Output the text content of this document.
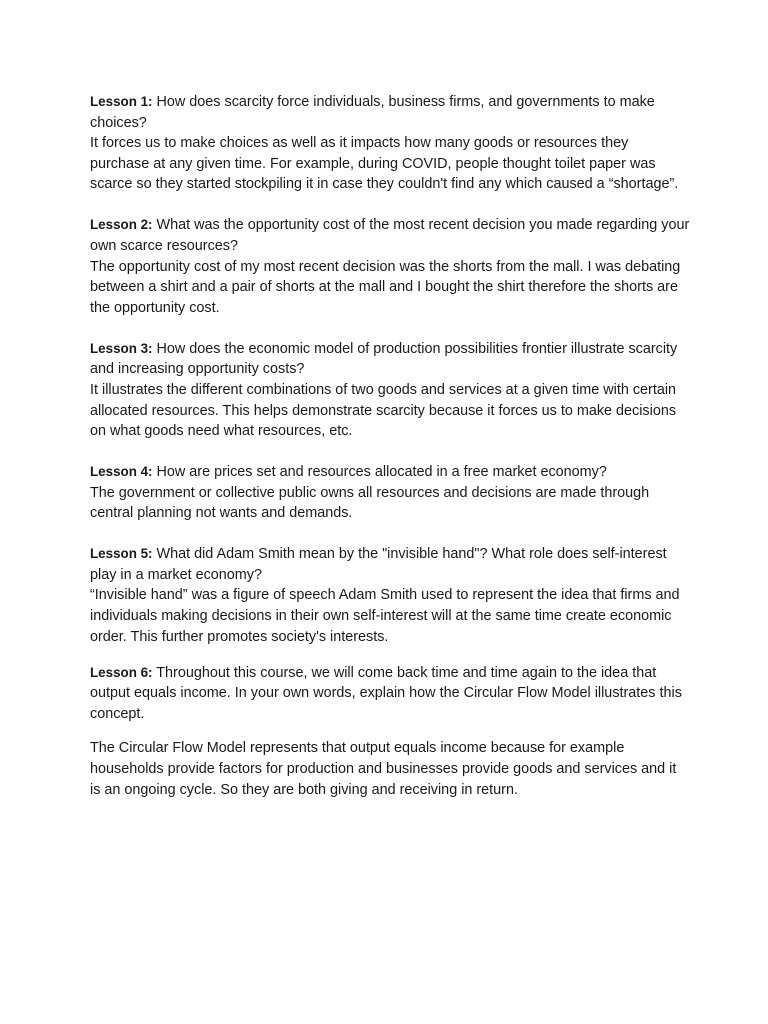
Lesson 1: How does scarcity force individuals, business firms, and governments to make choices?

It forces us to make choices as well as it impacts how many goods or resources they purchase at any given time. For example, during COVID, people thought toilet paper was scarce so they started stockpiling it in case they couldn't find any which caused a “shortage”.

Lesson 2: What was the opportunity cost of the most recent decision you made regarding your own scarce resources?

The opportunity cost of my most recent decision was the shorts from the mall. I was debating between a shirt and a pair of shorts at the mall and I bought the shirt therefore the shorts are the opportunity cost.

Lesson 3: How does the economic model of production possibilities frontier illustrate scarcity and increasing opportunity costs?

It illustrates the different combinations of two goods and services at a given time with certain allocated resources. This helps demonstrate scarcity because it forces us to make decisions on what goods need what resources, etc.

Lesson 4: How are prices set and resources allocated in a free market economy?

The government or collective public owns all resources and decisions are made through central planning not wants and demands.

Lesson 5: What did Adam Smith mean by the "invisible hand"? What role does self-interest play in a market economy?

“Invisible hand” was a figure of speech Adam Smith used to represent the idea that firms and individuals making decisions in their own self-interest will at the same time create economic order. This further promotes society's interests.

Lesson 6: Throughout this course, we will come back time and time again to the idea that output equals income. In your own words, explain how the Circular Flow Model illustrates this concept.

The Circular Flow Model represents that output equals income because for example households provide factors for production and businesses provide goods and services and it is an ongoing cycle. So they are both giving and receiving in return.
